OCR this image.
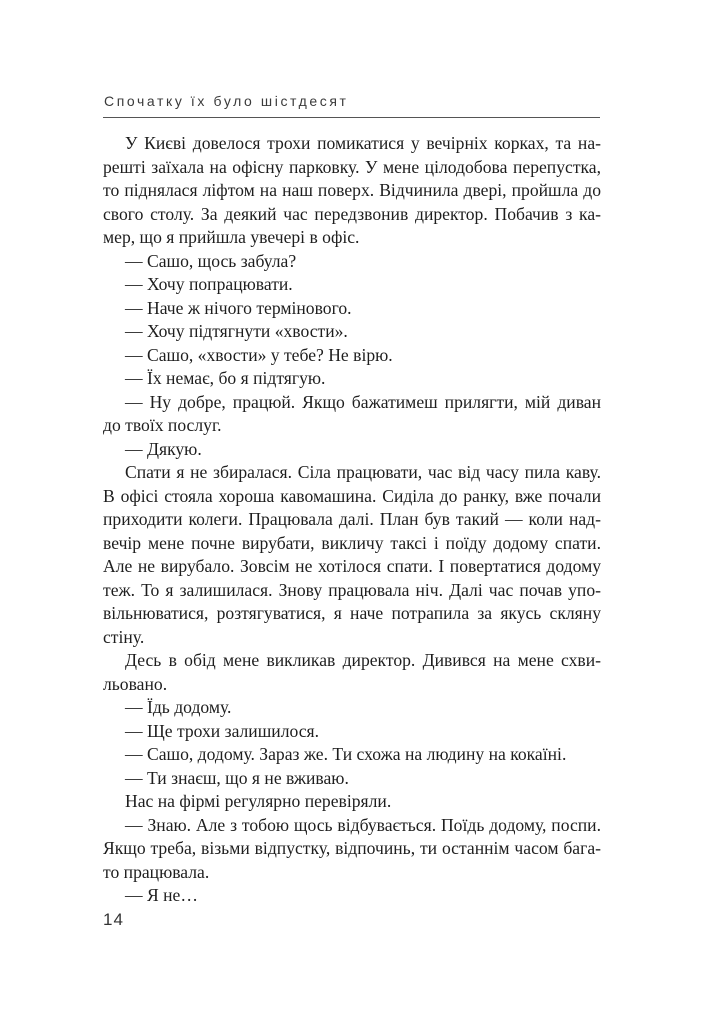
Спочатку їх було шістдесят
У Києві довелося трохи помикатися у вечірніх корках, та на-
решті заїхала на офісну парковку. У мене цілодобова перепустка,
то піднялася ліфтом на наш поверх. Відчинила двері, пройшла до
свого столу. За деякий час передзвонив директор. Побачив з ка-
мер, що я прийшла увечері в офіс.
— Сашо, щось забула?
— Хочу попрацювати.
— Наче ж нічого термінового.
— Хочу підтягнути «хвости».
— Сашо, «хвости» у тебе? Не вірю.
— Їх немає, бо я підтягую.
— Ну добре, працюй. Якщо бажатимеш прилягти, мій диван
до твоїх послуг.
— Дякую.
Спати я не збиралася. Сіла працювати, час від часу пила каву.
В офісі стояла хороша кавомашина. Сиділа до ранку, вже почали
приходити колеги. Працювала далі. План був такий — коли над-
вечір мене почне вирубати, викличу таксі і поїду додому спати.
Але не вирубало. Зовсім не хотілося спати. І повертатися додому
теж. То я залишилася. Знову працювала ніч. Далі час почав упо-
вільнюватися, розтягуватися, я наче потрапила за якусь скляну
стіну.
Десь в обід мене викликав директор. Дивився на мене схви-
льовано.
— Їдь додому.
— Ще трохи залишилося.
— Сашо, додому. Зараз же. Ти схожа на людину на кокаїні.
— Ти знаєш, що я не вживаю.
Нас на фірмі регулярно перевіряли.
— Знаю. Але з тобою щось відбувається. Поїдь додому, поспи.
Якщо треба, візьми відпустку, відпочинь, ти останнім часом бага-
то працювала.
— Я не…
14
